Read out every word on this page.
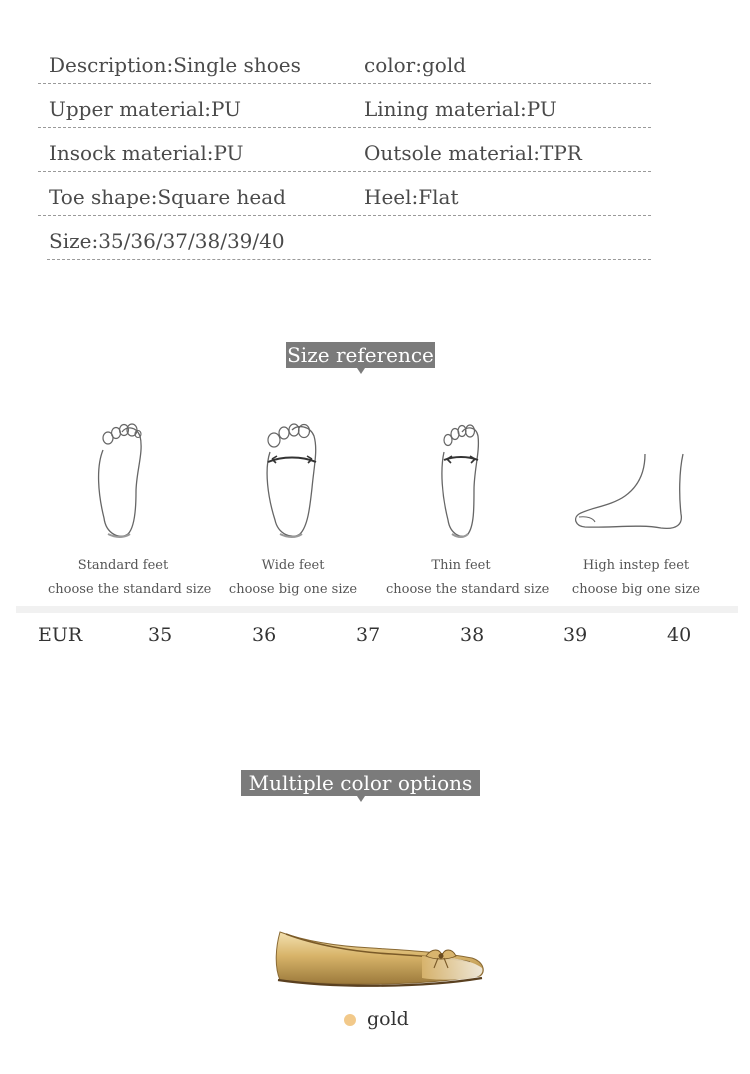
Description:Single shoes	color:gold
Upper material:PU	Lining material:PU
Insock material:PU	Outsole material:TPR
Toe shape:Square head	Heel:Flat
Size:35/36/37/38/39/40
Size reference
Standard feet
choose the standard size
Wide feet
choose big one size
Thin feet
choose the standard size
High instep feet
choose big one size
EUR	35	36	37	38	39	40
Multiple color options
gold
